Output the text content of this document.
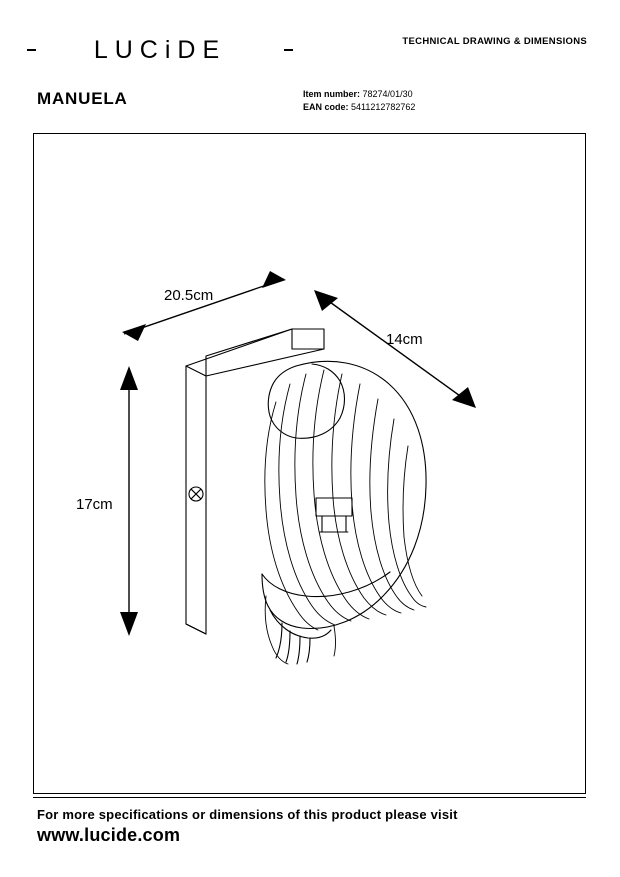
LUCiDE	TECHNICAL DRAWING & DIMENSIONS
MANUELA	Item number: 78274/01/30
EAN code: 5411212782762
20.5cm
14cm
17cm
For more specifications or dimensions of this product please visit
www.lucide.com
